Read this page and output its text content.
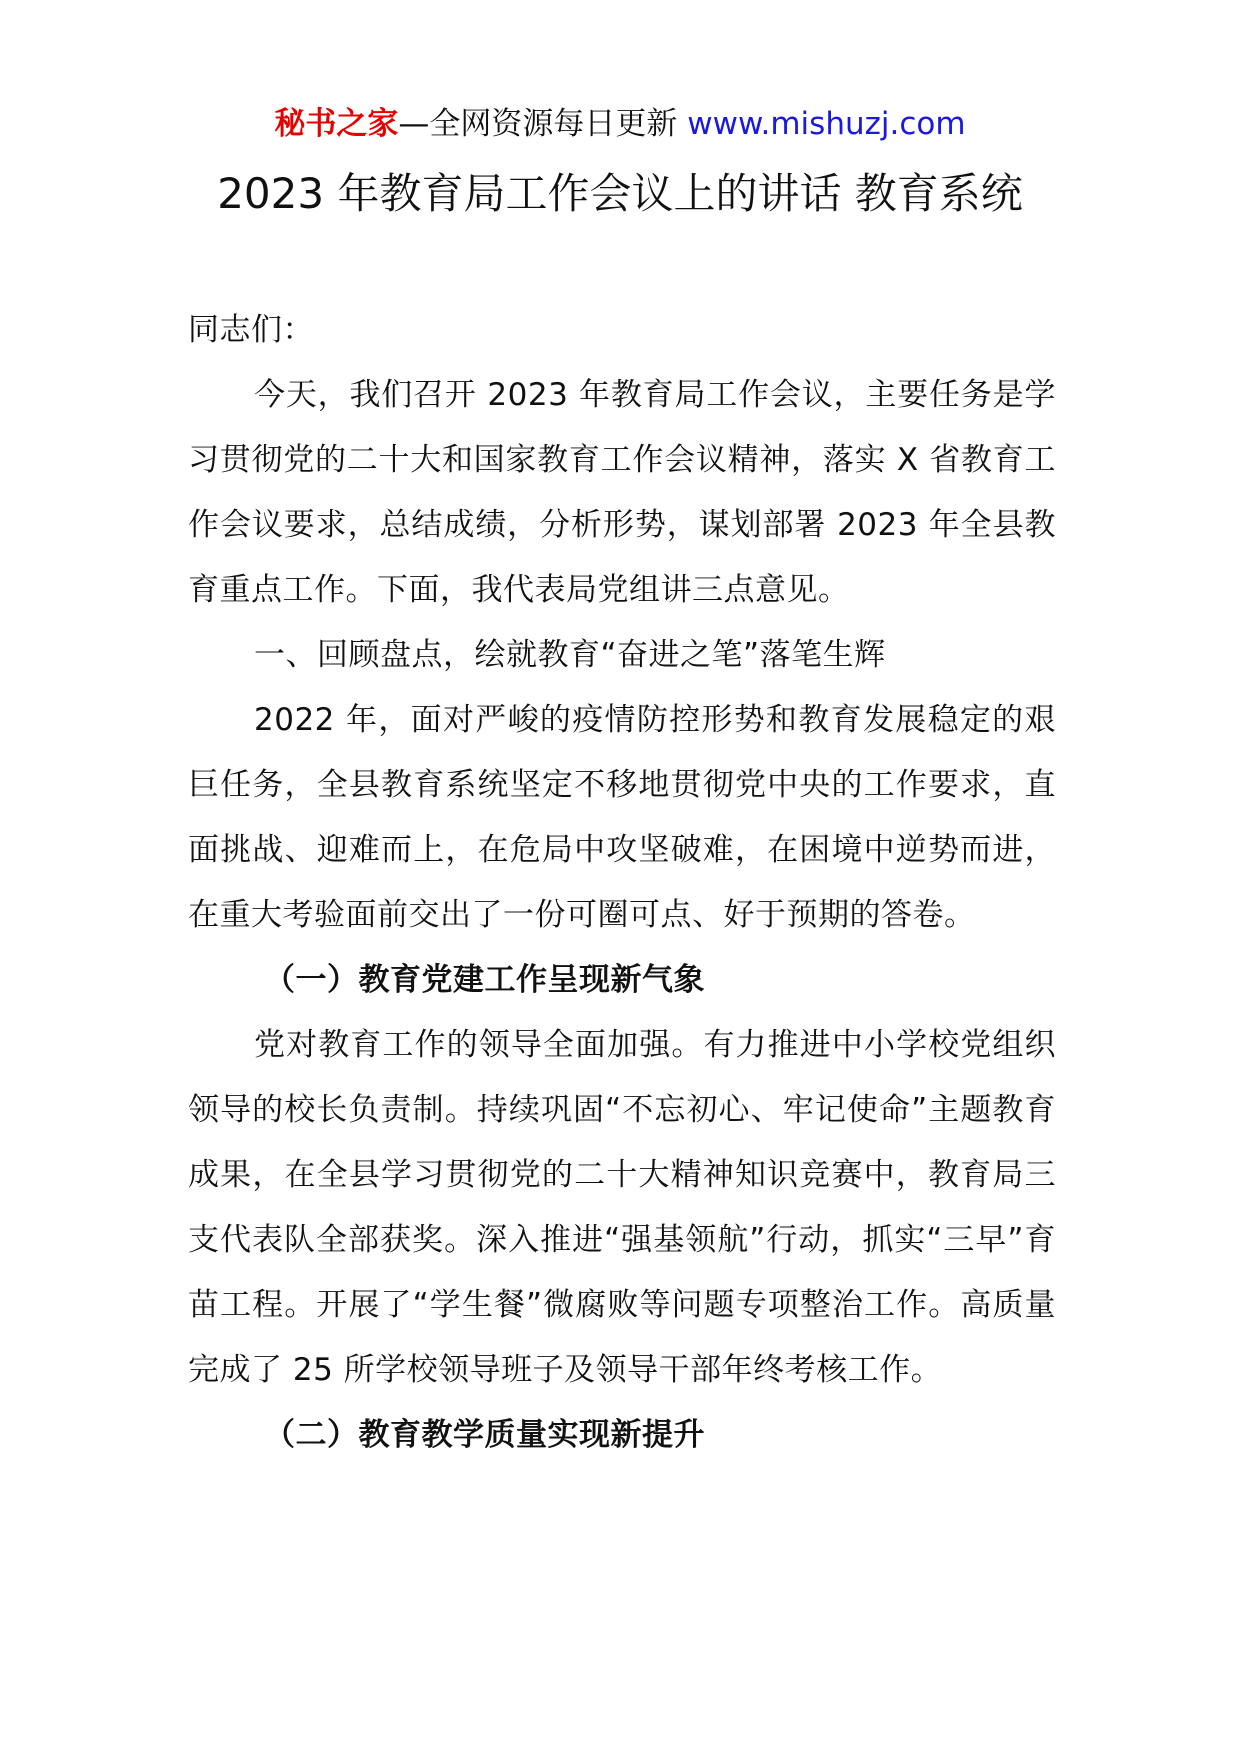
秘书之家—全网资源每日更新 www.mishuzj.com
2023 年教育局工作会议上的讲话 教育系统

同志们：

今天，我们召开 2023 年教育局工作会议，主要任务是学习贯彻党的二十大和国家教育工作会议精神，落实 X 省教育工作会议要求，总结成绩，分析形势，谋划部署 2023 年全县教育重点工作。下面，我代表局党组讲三点意见。

一、回顾盘点，绘就教育“奋进之笔”落笔生辉

2022 年，面对严峻的疫情防控形势和教育发展稳定的艰巨任务，全县教育系统坚定不移地贯彻党中央的工作要求，直面挑战、迎难而上，在危局中攻坚破难，在困境中逆势而进，在重大考验面前交出了一份可圈可点、好于预期的答卷。

（一）教育党建工作呈现新气象

党对教育工作的领导全面加强。有力推进中小学校党组织领导的校长负责制。持续巩固“不忘初心、牢记使命”主题教育成果，在全县学习贯彻党的二十大精神知识竞赛中，教育局三支代表队全部获奖。深入推进“强基领航”行动，抓实“三早”育苗工程。开展了“学生餐”微腐败等问题专项整治工作。高质量完成了 25 所学校领导班子及领导干部年终考核工作。

（二）教育教学质量实现新提升
